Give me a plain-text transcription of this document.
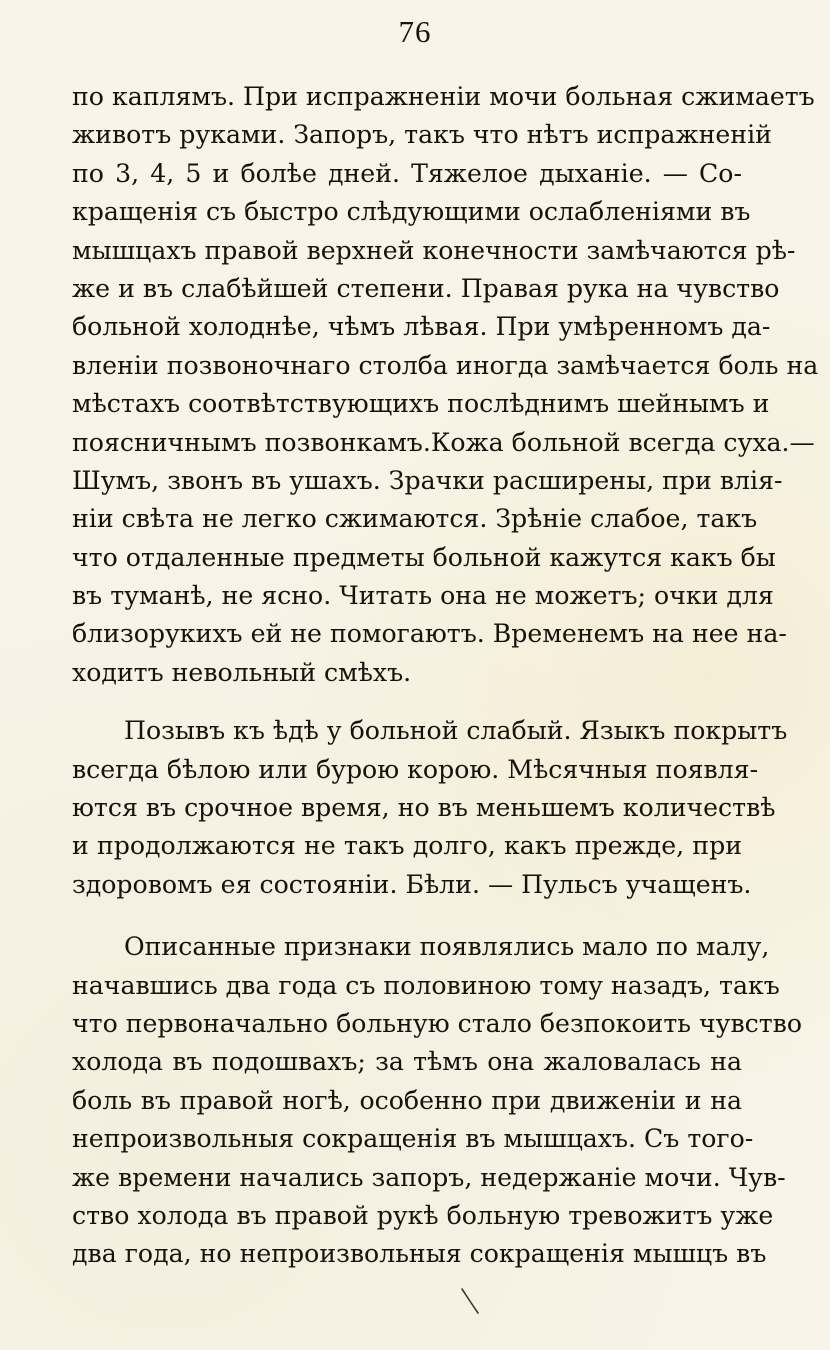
76
по каплямъ. При испражненіи мочи больная сжимаетъ
животъ руками. Запоръ, такъ что нѣтъ испражненій
по 3, 4, 5 и болѣе дней. Тяжелое дыханіе. — Со-
кращенія съ быстро слѣдующими ослабленіями въ
мышцахъ правой верхней конечности замѣчаются рѣ-
же и въ слабѣйшей степени. Правая рука на чувство
больной холоднѣе, чѣмъ лѣвая. При умѣренномъ да-
вленіи позвоночнаго столба иногда замѣчается боль на
мѣстахъ соотвѣтствующихъ послѣднимъ шейнымъ и
поясничнымъ позвонкамъ.Кожа больной всегда суха.—
Шумъ, звонъ въ ушахъ. Зрачки расширены, при влія-
ніи свѣта не легко сжимаются. Зрѣніе слабое, такъ
что отдаленные предметы больной кажутся какъ бы
въ туманѣ, не ясно. Читать она не можетъ; очки для
близорукихъ ей не помогаютъ. Временемъ на нее на-
ходитъ невольный смѣхъ.
Позывъ къ ѣдѣ у больной слабый. Языкъ покрытъ
всегда бѣлою или бурою корою. Мѣсячныя появля-
ются въ срочное время, но въ меньшемъ количествѣ
и продолжаются не такъ долго, какъ прежде, при
здоровомъ ея состояніи. Бѣли. — Пульсъ учащенъ.
Описанные признаки появлялись мало по малу,
начавшись два года съ половиною тому назадъ, такъ
что первоначально больную стало безпокоить чувство
холода въ подошвахъ; за тѣмъ она жаловалась на
боль въ правой ногѣ, особенно при движеніи и на
непроизвольныя сокращенія въ мышцахъ. Съ того-
же времени начались запоръ, недержаніе мочи. Чув-
ство холода въ правой рукѣ больную тревожитъ уже
два года, но непроизвольныя сокращенія мышцъ въ
